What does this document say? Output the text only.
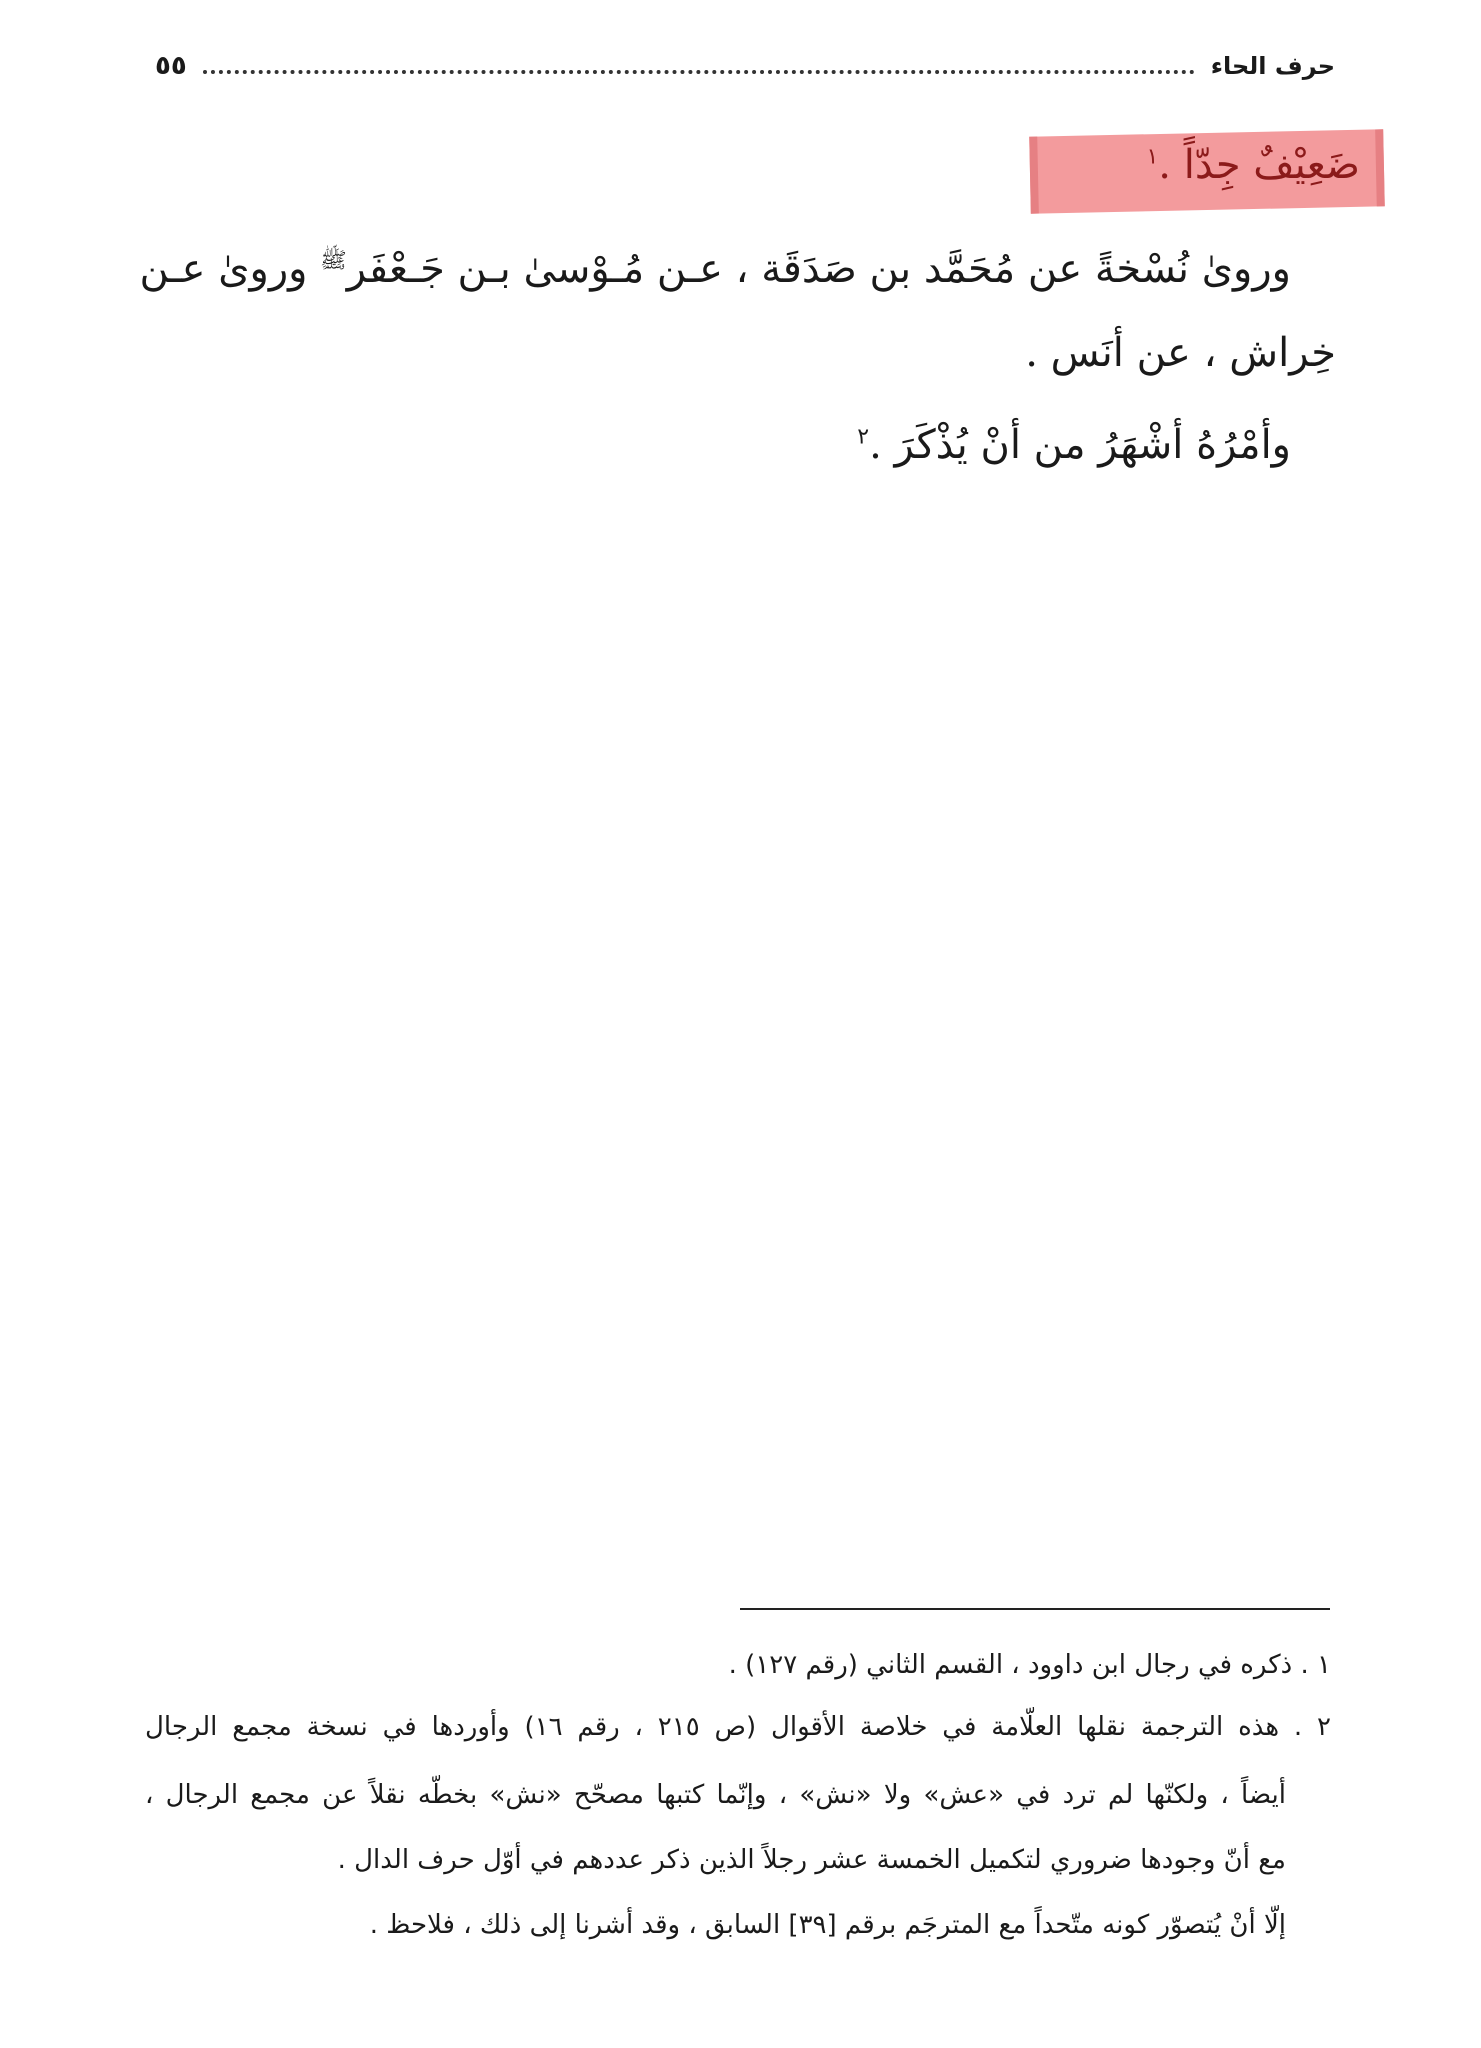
حرف الحاء
٥٥
ضَعِيْفٌ جِدّاً .$^١$
وروىٰ نُسْخةً عن مُحَمَّد بن صَدَقَة ، عـن مُـوْسىٰ بـن جَـعْفَر$^ﷺ$ وروىٰ عـن
خِراش ، عن أنَس .
وأمْرُهُ أشْهَرُ من أنْ يُذْكَرَ .$^٢$
١ . ذكره في رجال ابن داوود ، القسم الثاني (رقم ١٢٧) .
٢ . هذه الترجمة نقلها العلّامة في خلاصة الأقوال (ص ٢١٥ ، رقم ١٦) وأوردها في نسخة مجمع الرجال
أيضاً ، ولكنّها لم ترد في «عش» ولا «نش» ، وإنّما كتبها مصحّح «نش» بخطّه نقلاً عن مجمع الرجال ،
مع أنّ وجودها ضروري لتكميل الخمسة عشر رجلاً الذين ذكر عددهم في أوّل حرف الدال .
إلّا أنْ يُتصوّر كونه متّحداً مع المترجَم برقم [٣٩] السابق ، وقد أشرنا إلى ذلك ، فلاحظ .
